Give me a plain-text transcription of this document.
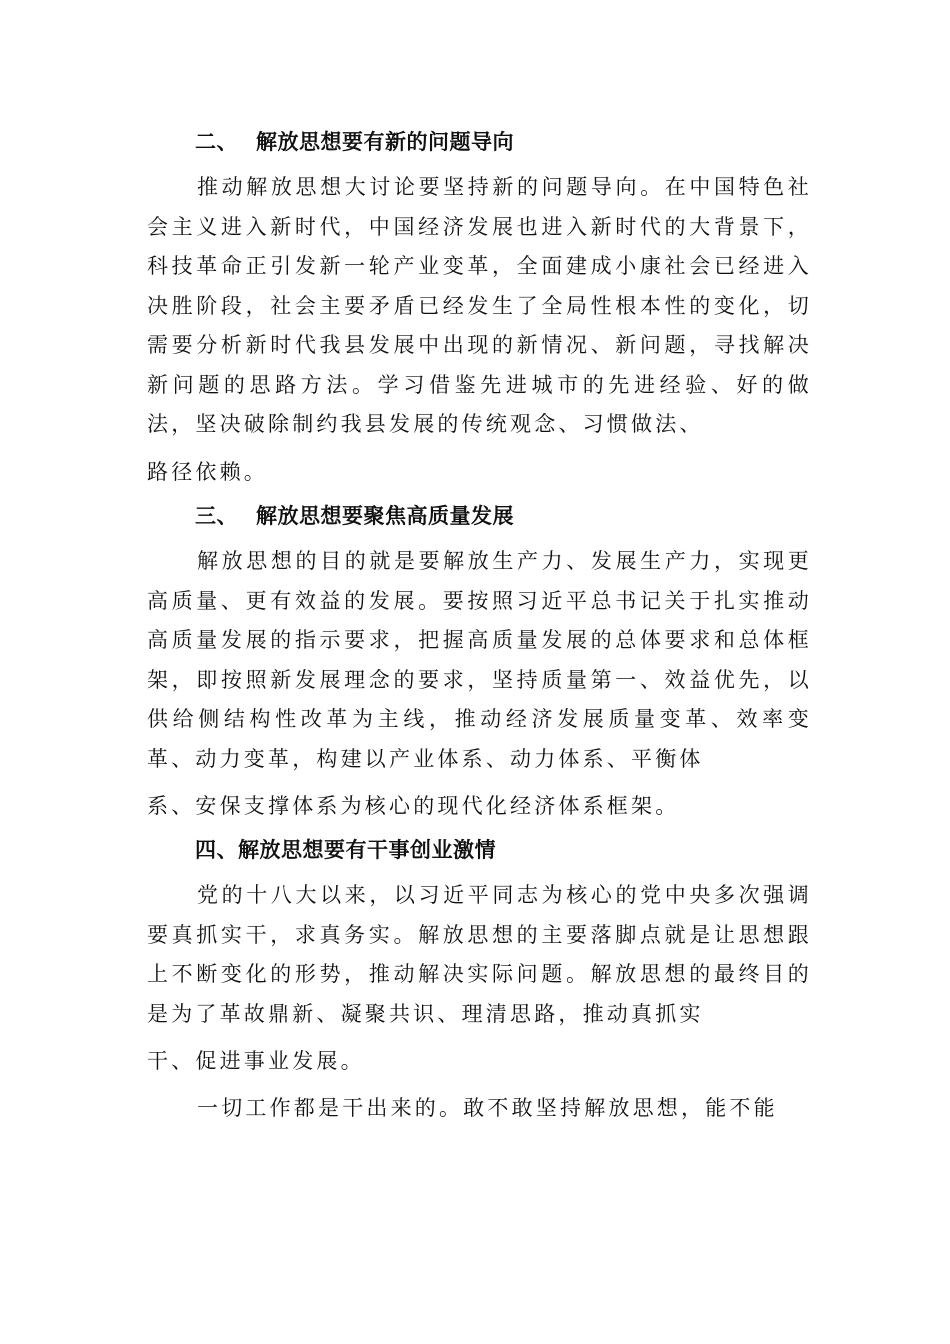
二、 解放思想要有新的问题导向

推动解放思想大讨论要坚持新的问题导向。在中国特色社会主义进入新时代，中国经济发展也进入新时代的大背景下，科技革命正引发新一轮产业变革，全面建成小康社会已经进入决胜阶段，社会主要矛盾已经发生了全局性根本性的变化，切需要分析新时代我县发展中出现的新情况、新问题，寻找解决新问题的思路方法。学习借鉴先进城市的先进经验、好的做法，坚决破除制约我县发展的传统观念、习惯做法、
路径依赖。

三、 解放思想要聚焦高质量发展

解放思想的目的就是要解放生产力、发展生产力，实现更高质量、更有效益的发展。要按照习近平总书记关于扎实推动高质量发展的指示要求，把握高质量发展的总体要求和总体框架，即按照新发展理念的要求，坚持质量第一、效益优先，以供给侧结构性改革为主线，推动经济发展质量变革、效率变革、动力变革，构建以产业体系、动力体系、平衡体
系、安保支撑体系为核心的现代化经济体系框架。

四、解放思想要有干事创业激情

党的十八大以来，以习近平同志为核心的党中央多次强调要真抓实干，求真务实。解放思想的主要落脚点就是让思想跟上不断变化的形势，推动解决实际问题。解放思想的最终目的是为了革故鼎新、凝聚共识、理清思路，推动真抓实
干、促进事业发展。

一切工作都是干出来的。敢不敢坚持解放思想，能不能
